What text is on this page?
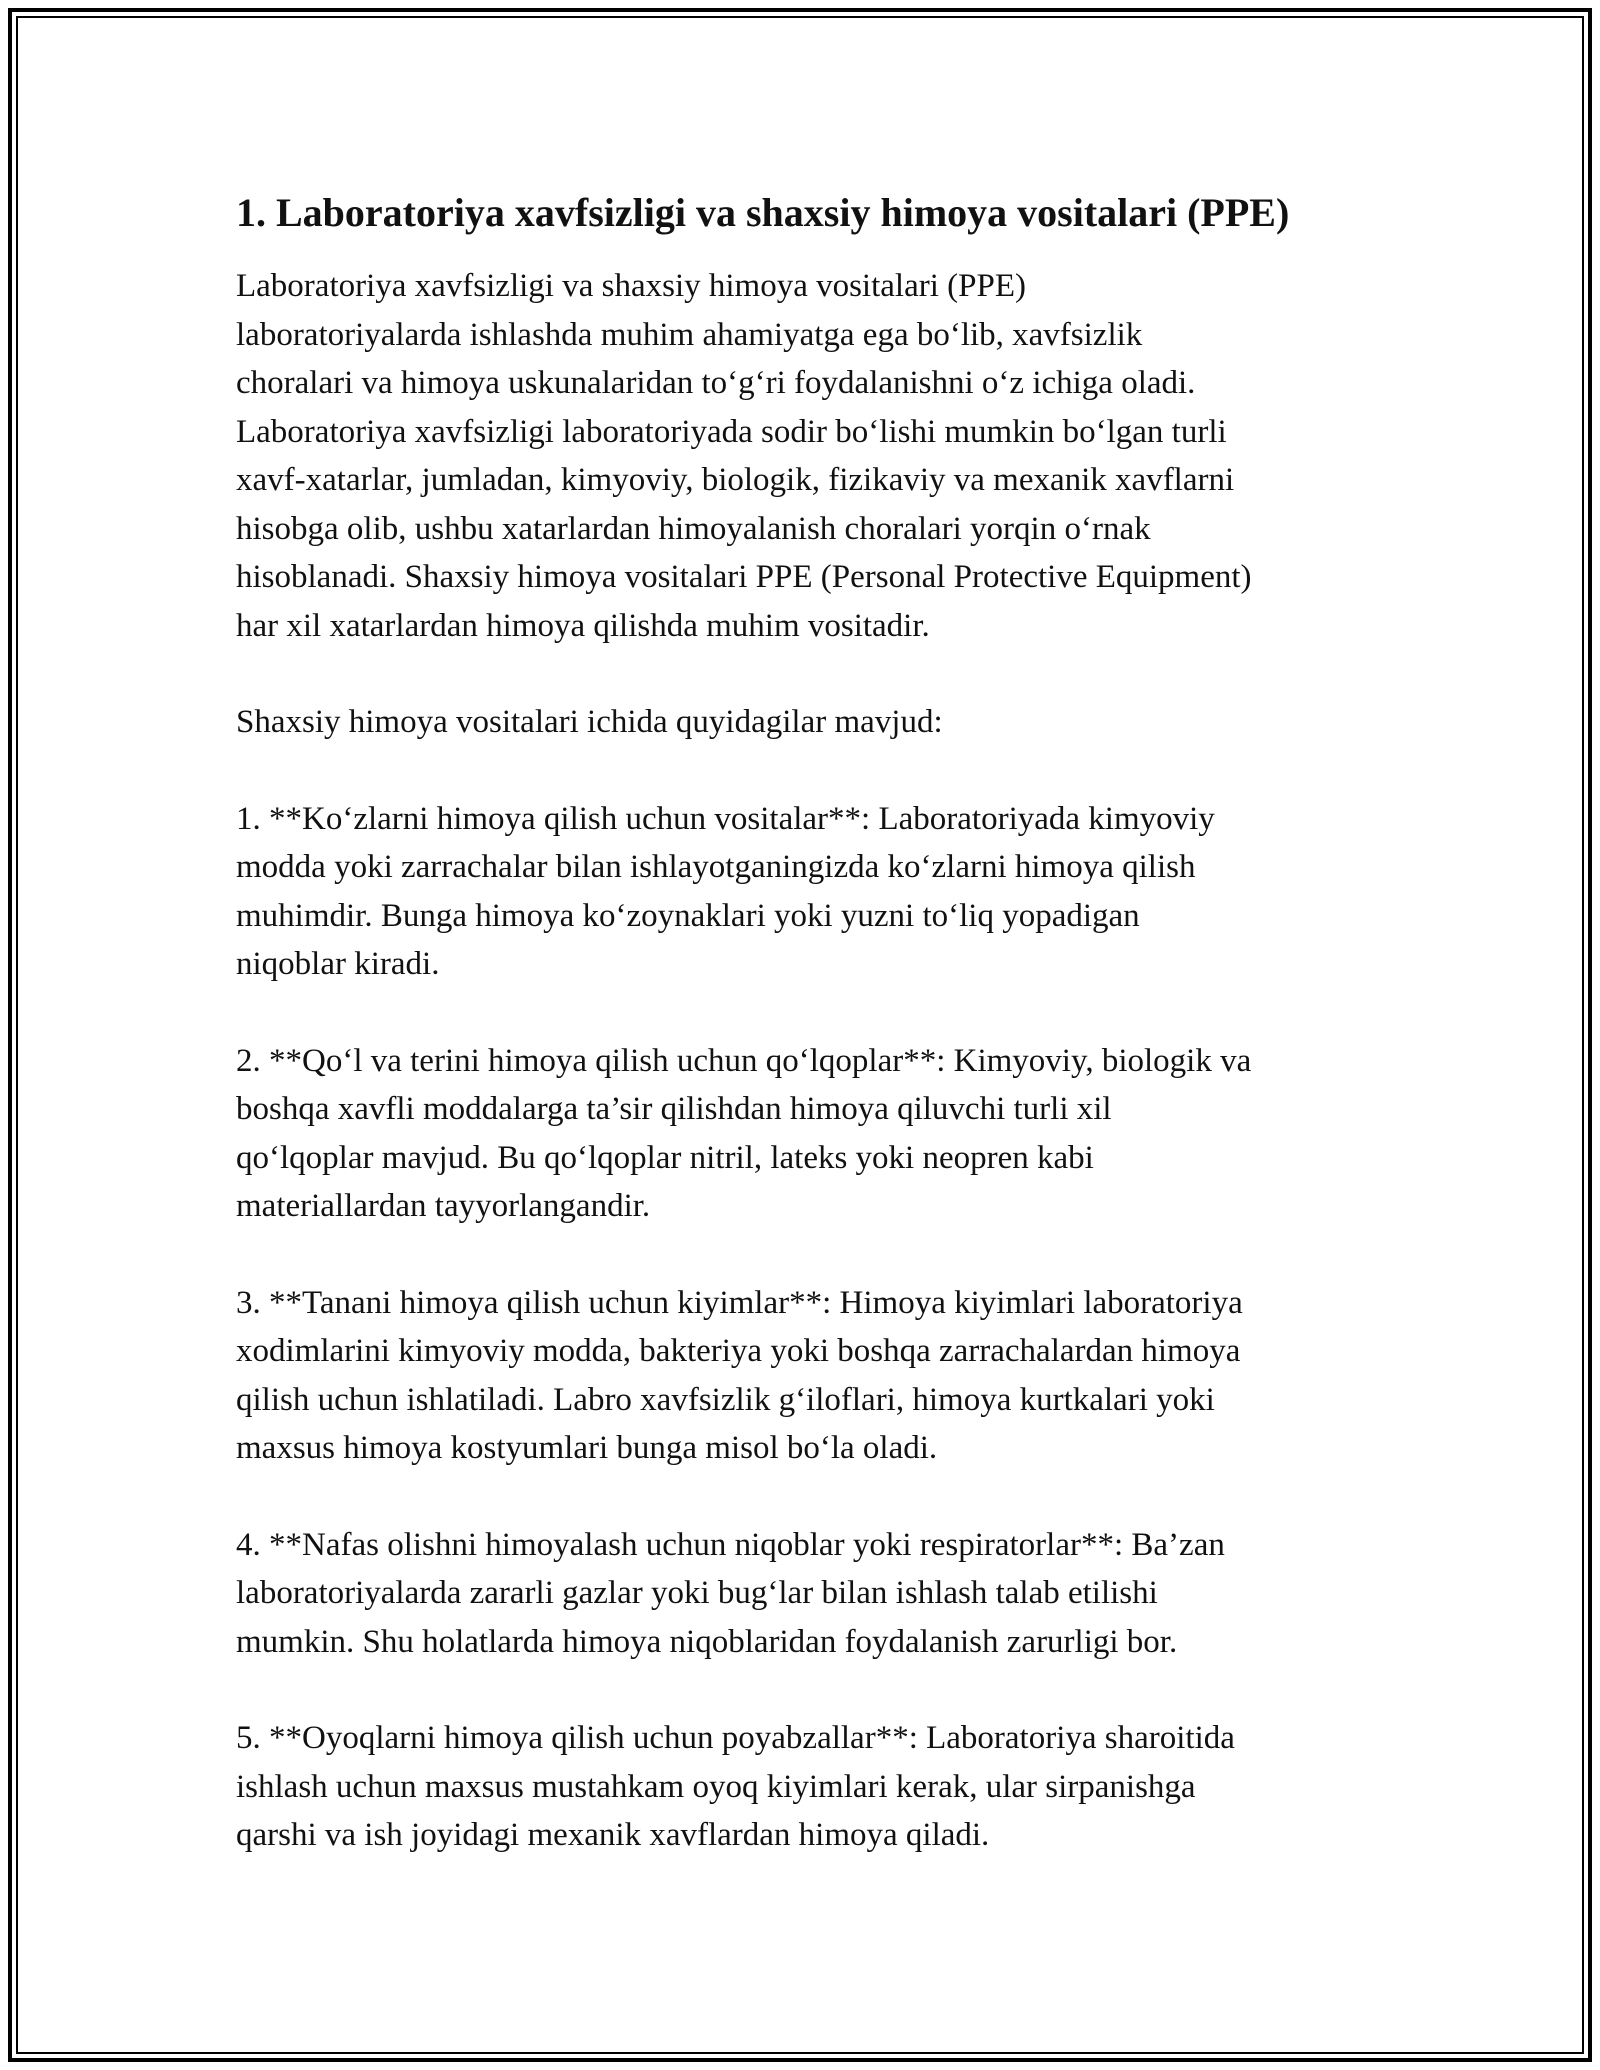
1. Laboratoriya xavfsizligi va shaxsiy himoya vositalari (PPE)

Laboratoriya xavfsizligi va shaxsiy himoya vositalari (PPE)
laboratoriyalarda ishlashda muhim ahamiyatga ega bo‘lib, xavfsizlik
choralari va himoya uskunalaridan to‘g‘ri foydalanishni o‘z ichiga oladi.
Laboratoriya xavfsizligi laboratoriyada sodir bo‘lishi mumkin bo‘lgan turli
xavf-xatarlar, jumladan, kimyoviy, biologik, fizikaviy va mexanik xavflarni
hisobga olib, ushbu xatarlardan himoyalanish choralari yorqin o‘rnak
hisoblanadi. Shaxsiy himoya vositalari PPE (Personal Protective Equipment)
har xil xatarlardan himoya qilishda muhim vositadir.

Shaxsiy himoya vositalari ichida quyidagilar mavjud:

1. **Ko‘zlarni himoya qilish uchun vositalar**: Laboratoriyada kimyoviy
modda yoki zarrachalar bilan ishlayotganingizda ko‘zlarni himoya qilish
muhimdir. Bunga himoya ko‘zoynaklari yoki yuzni to‘liq yopadigan
niqoblar kiradi.

2. **Qo‘l va terini himoya qilish uchun qo‘lqoplar**: Kimyoviy, biologik va
boshqa xavfli moddalarga ta’sir qilishdan himoya qiluvchi turli xil
qo‘lqoplar mavjud. Bu qo‘lqoplar nitril, lateks yoki neopren kabi
materiallardan tayyorlangandir.

3. **Tanani himoya qilish uchun kiyimlar**: Himoya kiyimlari laboratoriya
xodimlarini kimyoviy modda, bakteriya yoki boshqa zarrachalardan himoya
qilish uchun ishlatiladi. Labro xavfsizlik g‘iloflari, himoya kurtkalari yoki
maxsus himoya kostyumlari bunga misol bo‘la oladi.

4. **Nafas olishni himoyalash uchun niqoblar yoki respiratorlar**: Ba’zan
laboratoriyalarda zararli gazlar yoki bug‘lar bilan ishlash talab etilishi
mumkin. Shu holatlarda himoya niqoblaridan foydalanish zarurligi bor.

5. **Oyoqlarni himoya qilish uchun poyabzallar**: Laboratoriya sharoitida
ishlash uchun maxsus mustahkam oyoq kiyimlari kerak, ular sirpanishga
qarshi va ish joyidagi mexanik xavflardan himoya qiladi.
